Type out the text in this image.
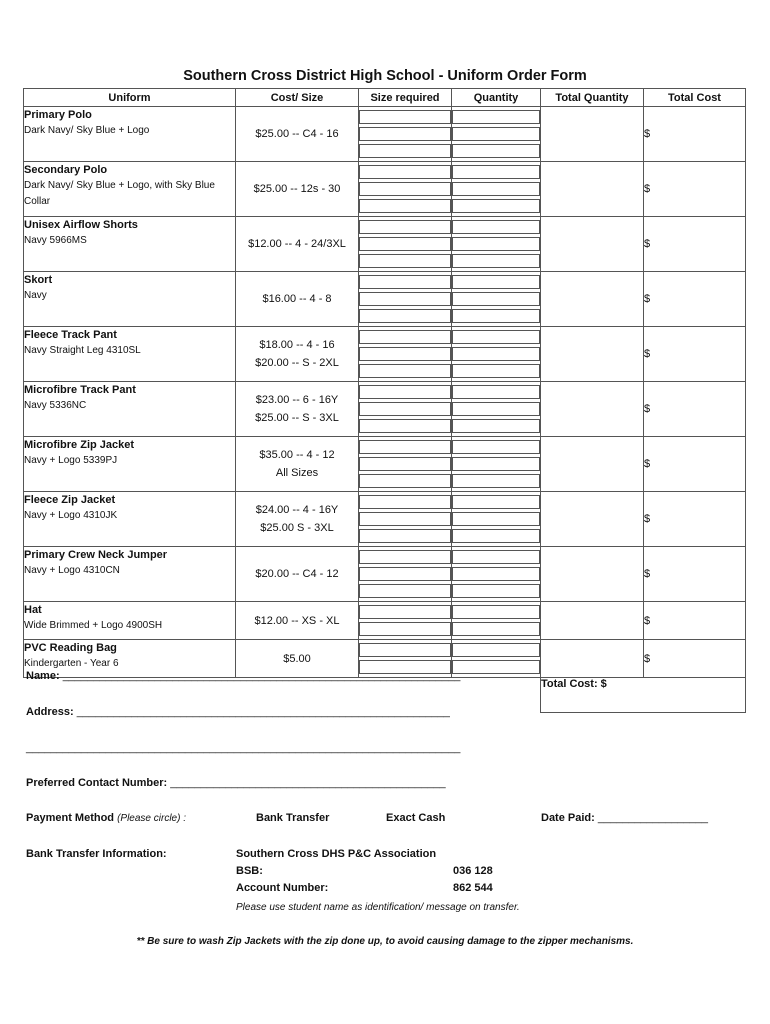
Southern Cross District High School - Uniform Order Form
Uniform	Cost/ Size	Size required	Quantity	Total Quantity	Total Cost

Primary Polo
Dark Navy/ Sky Blue + Logo	$25.00 -- C4 - 16				$

Secondary Polo
Dark Navy/ Sky Blue + Logo, with Sky Blue Collar	$25.00 -- 12s - 30				$

Unisex Airflow Shorts
Navy 5966MS	$12.00 -- 4 - 24/3XL				$

Skort
Navy	$16.00 -- 4 - 8				$

Fleece Track Pant
Navy Straight Leg 4310SL	$18.00 -- 4 - 16
$20.00 -- S - 2XL				$

Microfibre Track Pant
Navy 5336NC	$23.00 -- 6 - 16Y
$25.00 -- S - 3XL				$

Microfibre Zip Jacket
Navy + Logo 5339PJ	$35.00 -- 4 - 12
All Sizes				$

Fleece Zip Jacket
Navy + Logo 4310JK	$24.00 -- 4 - 16Y
$25.00 S - 3XL				$

Primary Crew Neck Jumper
Navy + Logo 4310CN	$20.00 -- C4 - 12				$

Hat
Wide Brimmed + Logo 4900SH	$12.00 -- XS - XL				$

PVC Reading Bag
Kindergarten - Year 6	$5.00				$
				Total Cost: $	
Name: _________________________________________________________________
Address: _____________________________________________________________
_______________________________________________________________________
Preferred Contact Number: _____________________________________________
Payment Method (Please circle) :	Bank Transfer	Exact Cash	Date Paid: __________________
Bank Transfer Information:	Southern Cross DHS P&C Association
BSB:	036 128
Account Number:	862 544
Please use student name as identification/ message on transfer.
** Be sure to wash Zip Jackets with the zip done up, to avoid causing damage to the zipper mechanisms.
